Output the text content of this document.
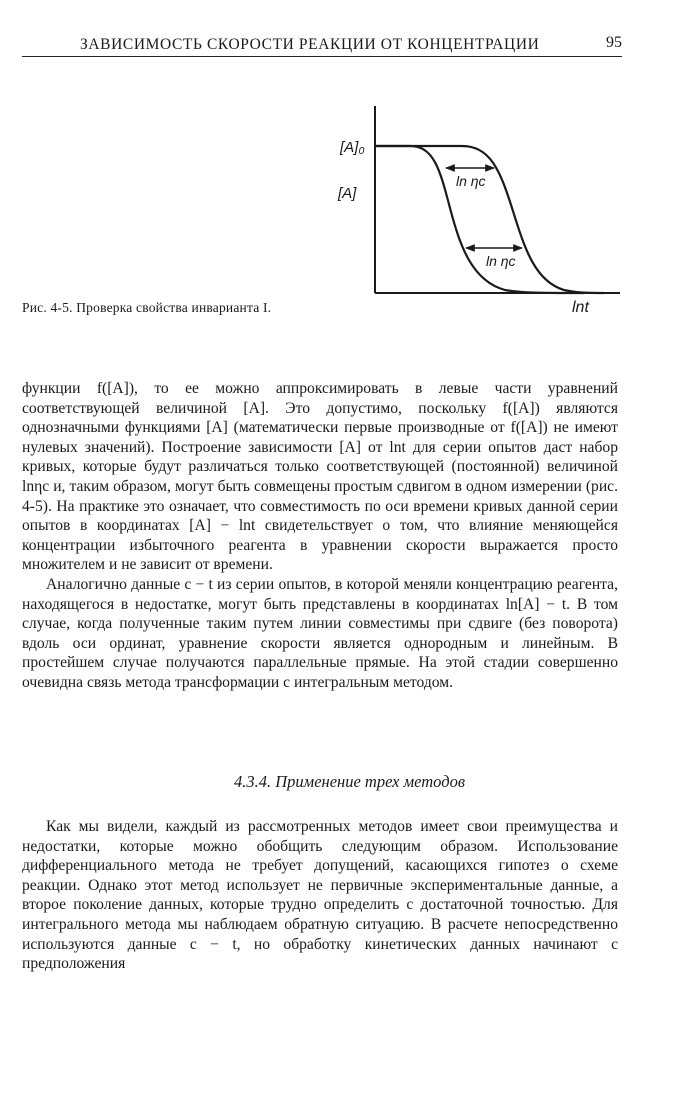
ЗАВИСИМОСТЬ СКОРОСТИ РЕАКЦИИ ОТ КОНЦЕНТРАЦИИ	95
[A]₀
[A]
ln ηc
ln ηc
lnt
Рис. 4-5. Проверка свойства инварианта I.

функции f([A]), то ее можно аппроксимировать в левые части уравнений соответствующей величиной [A]. Это допустимо, поскольку f([A]) являются однозначными функциями [A] (математически первые производные от f([A]) не имеют нулевых значений). Построение зависимости [A] от lnt для серии опытов даст набор кривых, которые будут различаться только соответствующей (постоянной) величиной lnηc и, таким образом, могут быть совмещены простым сдвигом в одном измерении (рис. 4-5). На практике это означает, что совместимость по оси времени кривых данной серии опытов в координатах [A] − lnt свидетельствует о том, что влияние меняющейся концентрации избыточного реагента в уравнении скорости выражается просто множителем и не зависит от времени.

Аналогично данные c − t из серии опытов, в которой меняли концентрацию реагента, находящегося в недостатке, могут быть представлены в координатах ln[A] − t. В том случае, когда полученные таким путем линии совместимы при сдвиге (без поворота) вдоль оси ординат, уравнение скорости является однородным и линейным. В простейшем случае получаются параллельные прямые. На этой стадии совершенно очевидна связь метода трансформации с интегральным методом.

4.3.4. Применение трех методов

Как мы видели, каждый из рассмотренных методов имеет свои преимущества и недостатки, которые можно обобщить следующим образом. Использование дифференциального метода не требует допущений, касающихся гипотез о схеме реакции. Однако этот метод использует не первичные экспериментальные данные, а второе поколение данных, которые трудно определить с достаточной точностью. Для интегрального метода мы наблюдаем обратную ситуацию. В расчете непосредственно используются данные c − t, но обработку кинетических данных начинают с предположения
